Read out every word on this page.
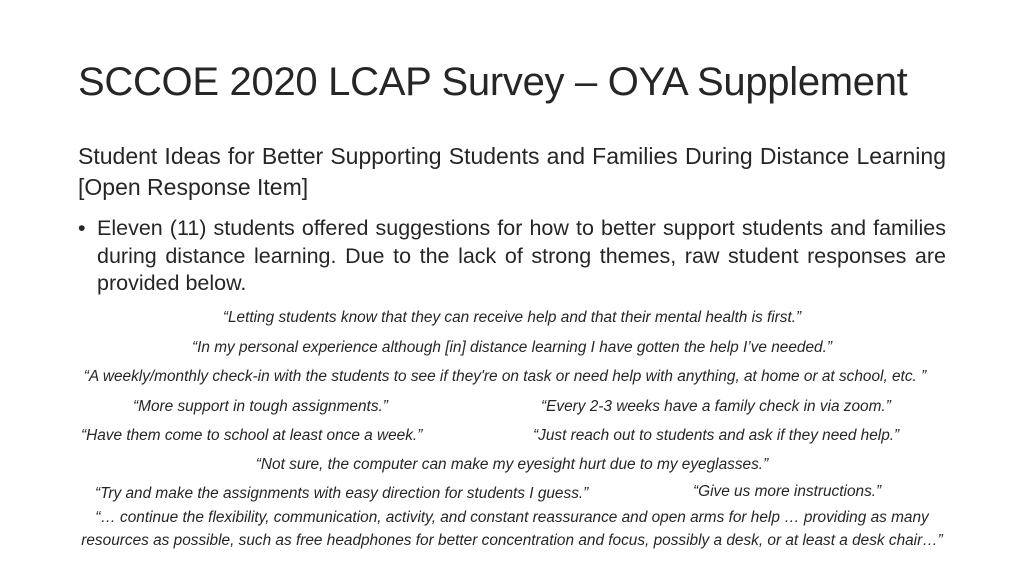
SCCOE 2020 LCAP Survey – OYA Supplement
Student Ideas for Better Supporting Students and Families During Distance Learning [Open Response Item]
• Eleven (11) students offered suggestions for how to better support students and families during distance learning. Due to the lack of strong themes, raw student responses are provided below.
“Letting students know that they can receive help and that their mental health is first.”
“In my personal experience although [in] distance learning I have gotten the help I’ve needed.”
“A weekly/monthly check-in with the students to see if they're on task or need help with anything, at home or at school, etc. ”
“More support in tough assignments.”	“Every 2-3 weeks have a family check in via zoom.”
“Have them come to school at least once a week.”	“Just reach out to students and ask if they need help.”
“Not sure, the computer can make my eyesight hurt due to my eyeglasses.”
“Try and make the assignments with easy direction for students I guess.”	“Give us more instructions.”
“… continue the flexibility, communication, activity, and constant reassurance and open arms for help … providing as many
resources as possible, such as free headphones for better concentration and focus, possibly a desk, or at least a desk chair…”
